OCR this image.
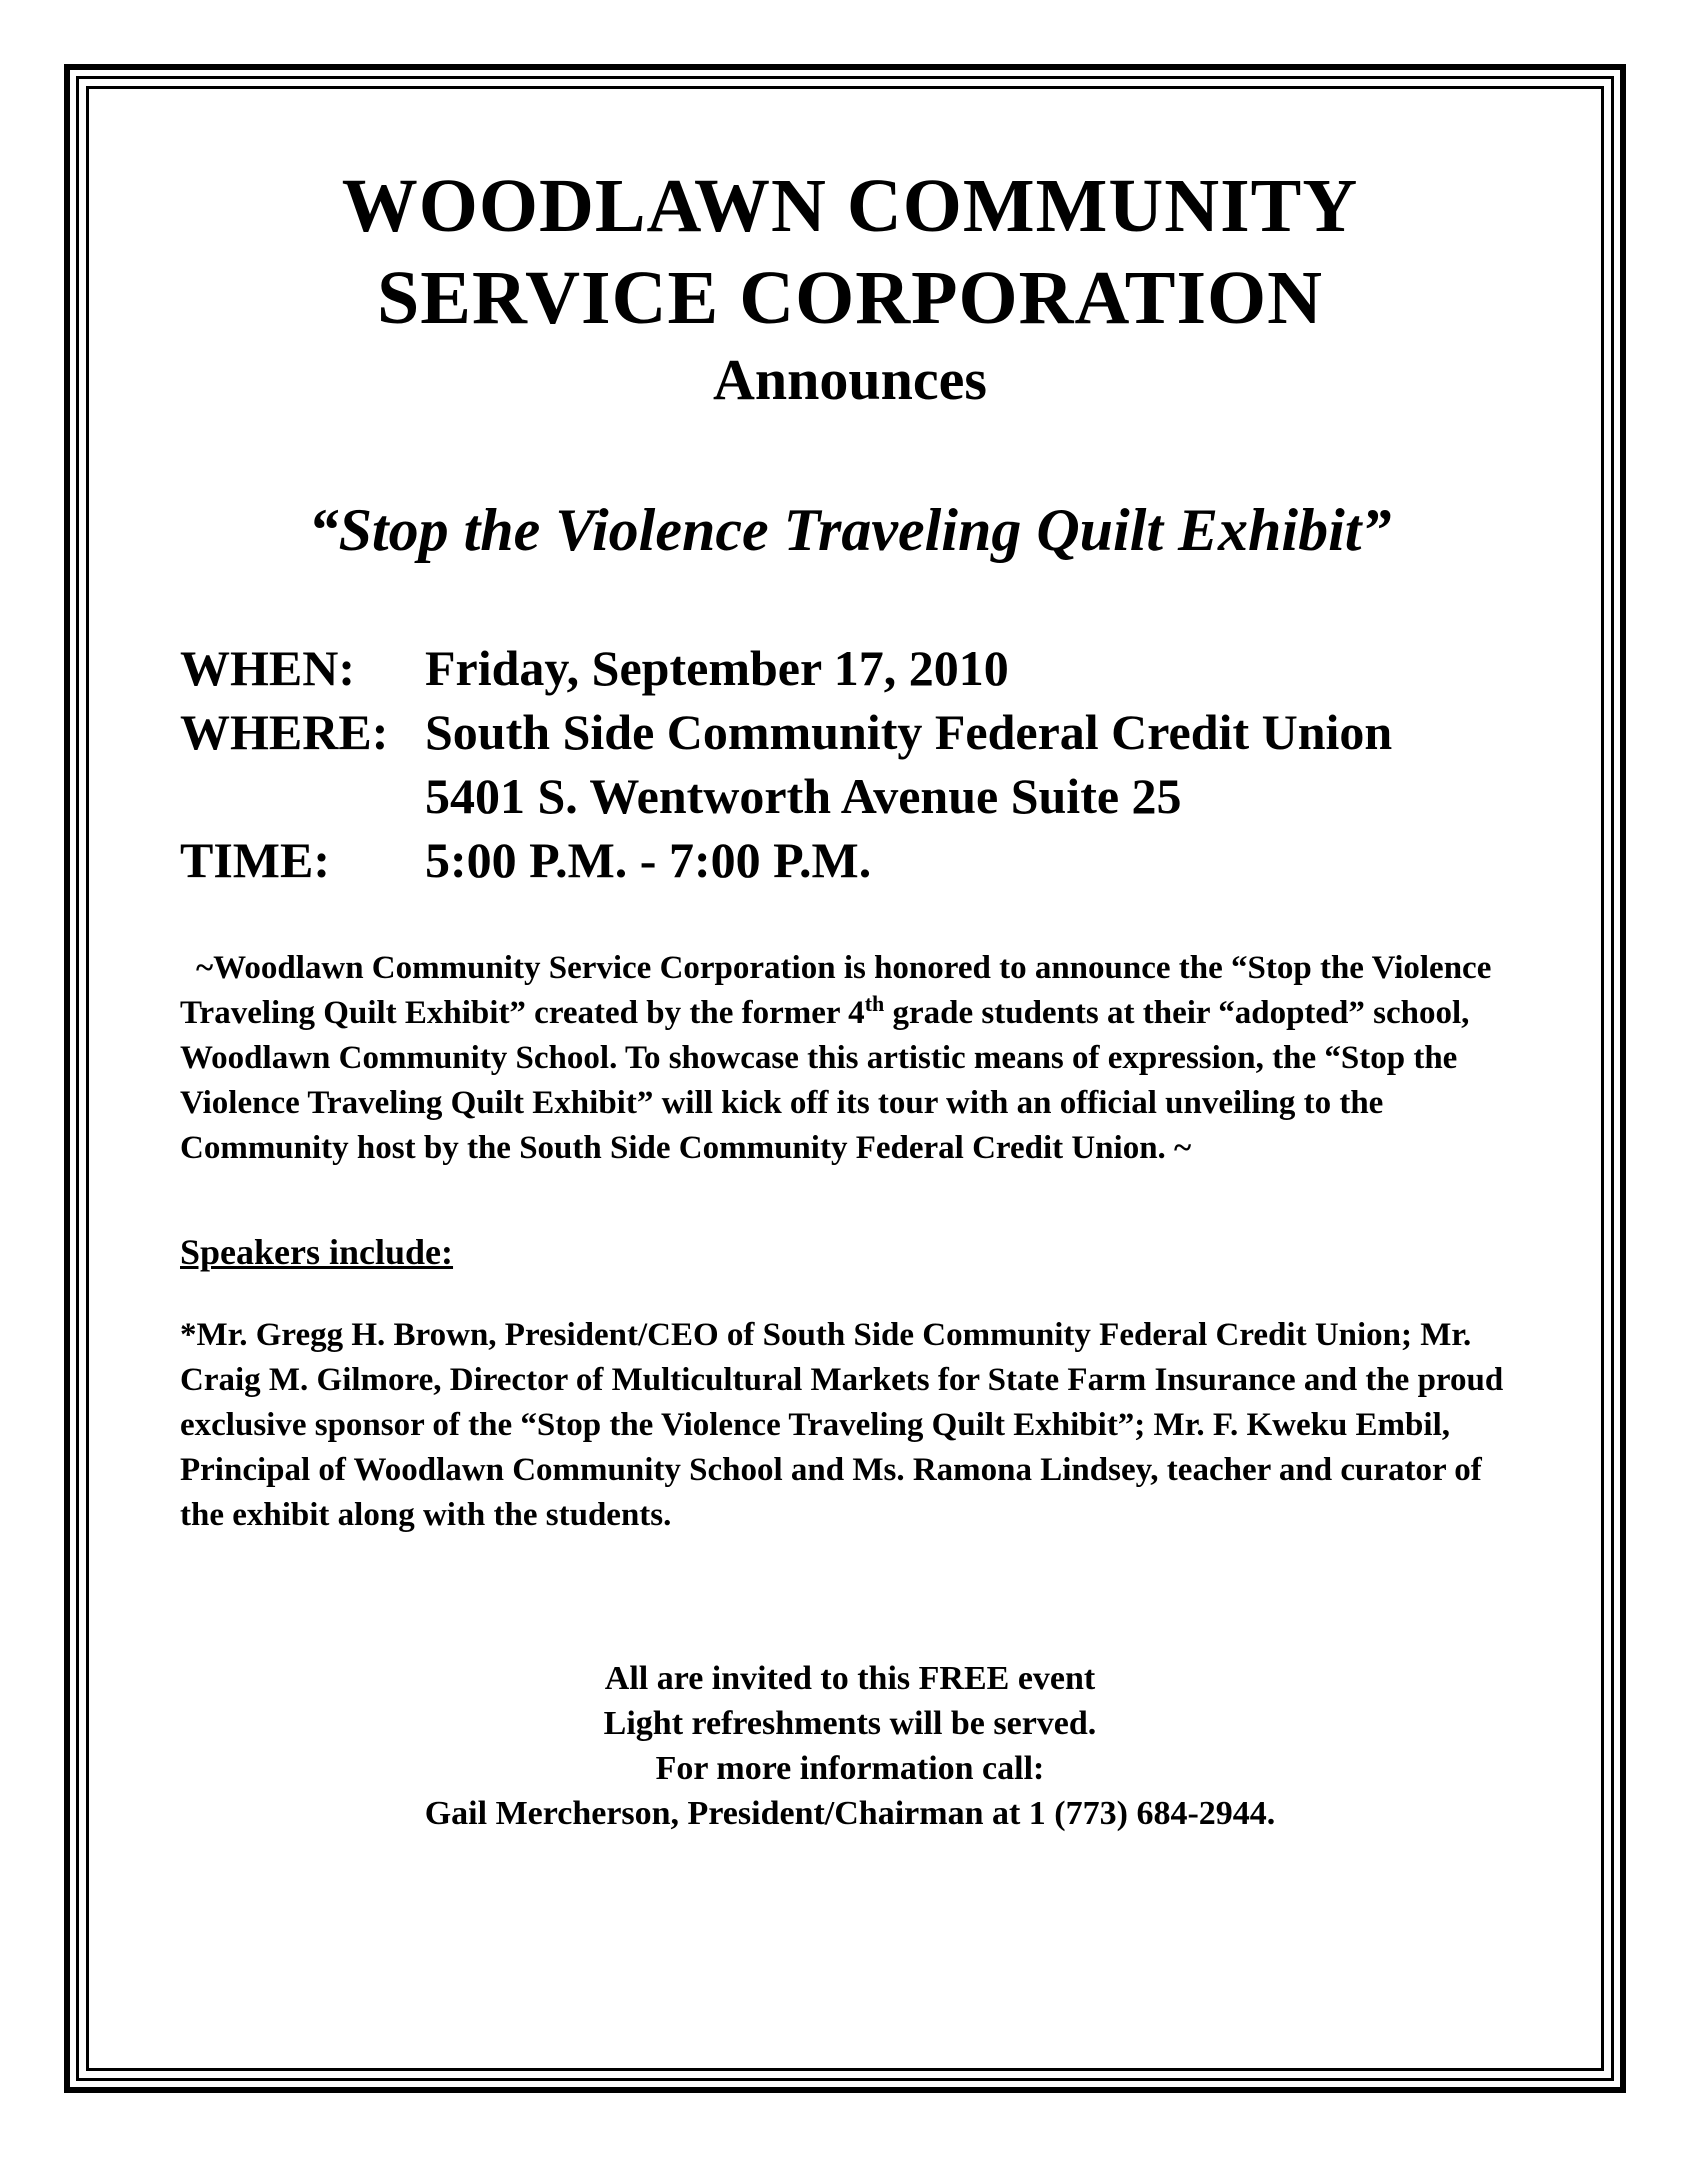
WOODLAWN COMMUNITY
SERVICE CORPORATION
Announces
“Stop the Violence Traveling Quilt Exhibit”
WHEN:	Friday, September 17, 2010
WHERE: South Side Community Federal Credit Union
5401 S. Wentworth Avenue Suite 25
TIME:	5:00 P.M. - 7:00 P.M.

~Woodlawn Community Service Corporation is honored to announce the “Stop the Violence Traveling Quilt Exhibit” created by the former 4th grade students at their “adopted” school, Woodlawn Community School. To showcase this artistic means of expression, the “Stop the Violence Traveling Quilt Exhibit” will kick off its tour with an official unveiling to the Community host by the South Side Community Federal Credit Union. ~

Speakers include:

*Mr. Gregg H. Brown, President/CEO of South Side Community Federal Credit Union; Mr. Craig M. Gilmore, Director of Multicultural Markets for State Farm Insurance and the proud exclusive sponsor of the “Stop the Violence Traveling Quilt Exhibit”; Mr. F. Kweku Embil, Principal of Woodlawn Community School and Ms. Ramona Lindsey, teacher and curator of the exhibit along with the students.

All are invited to this FREE event
Light refreshments will be served.
For more information call:
Gail Mercherson, President/Chairman at 1 (773) 684-2944.
